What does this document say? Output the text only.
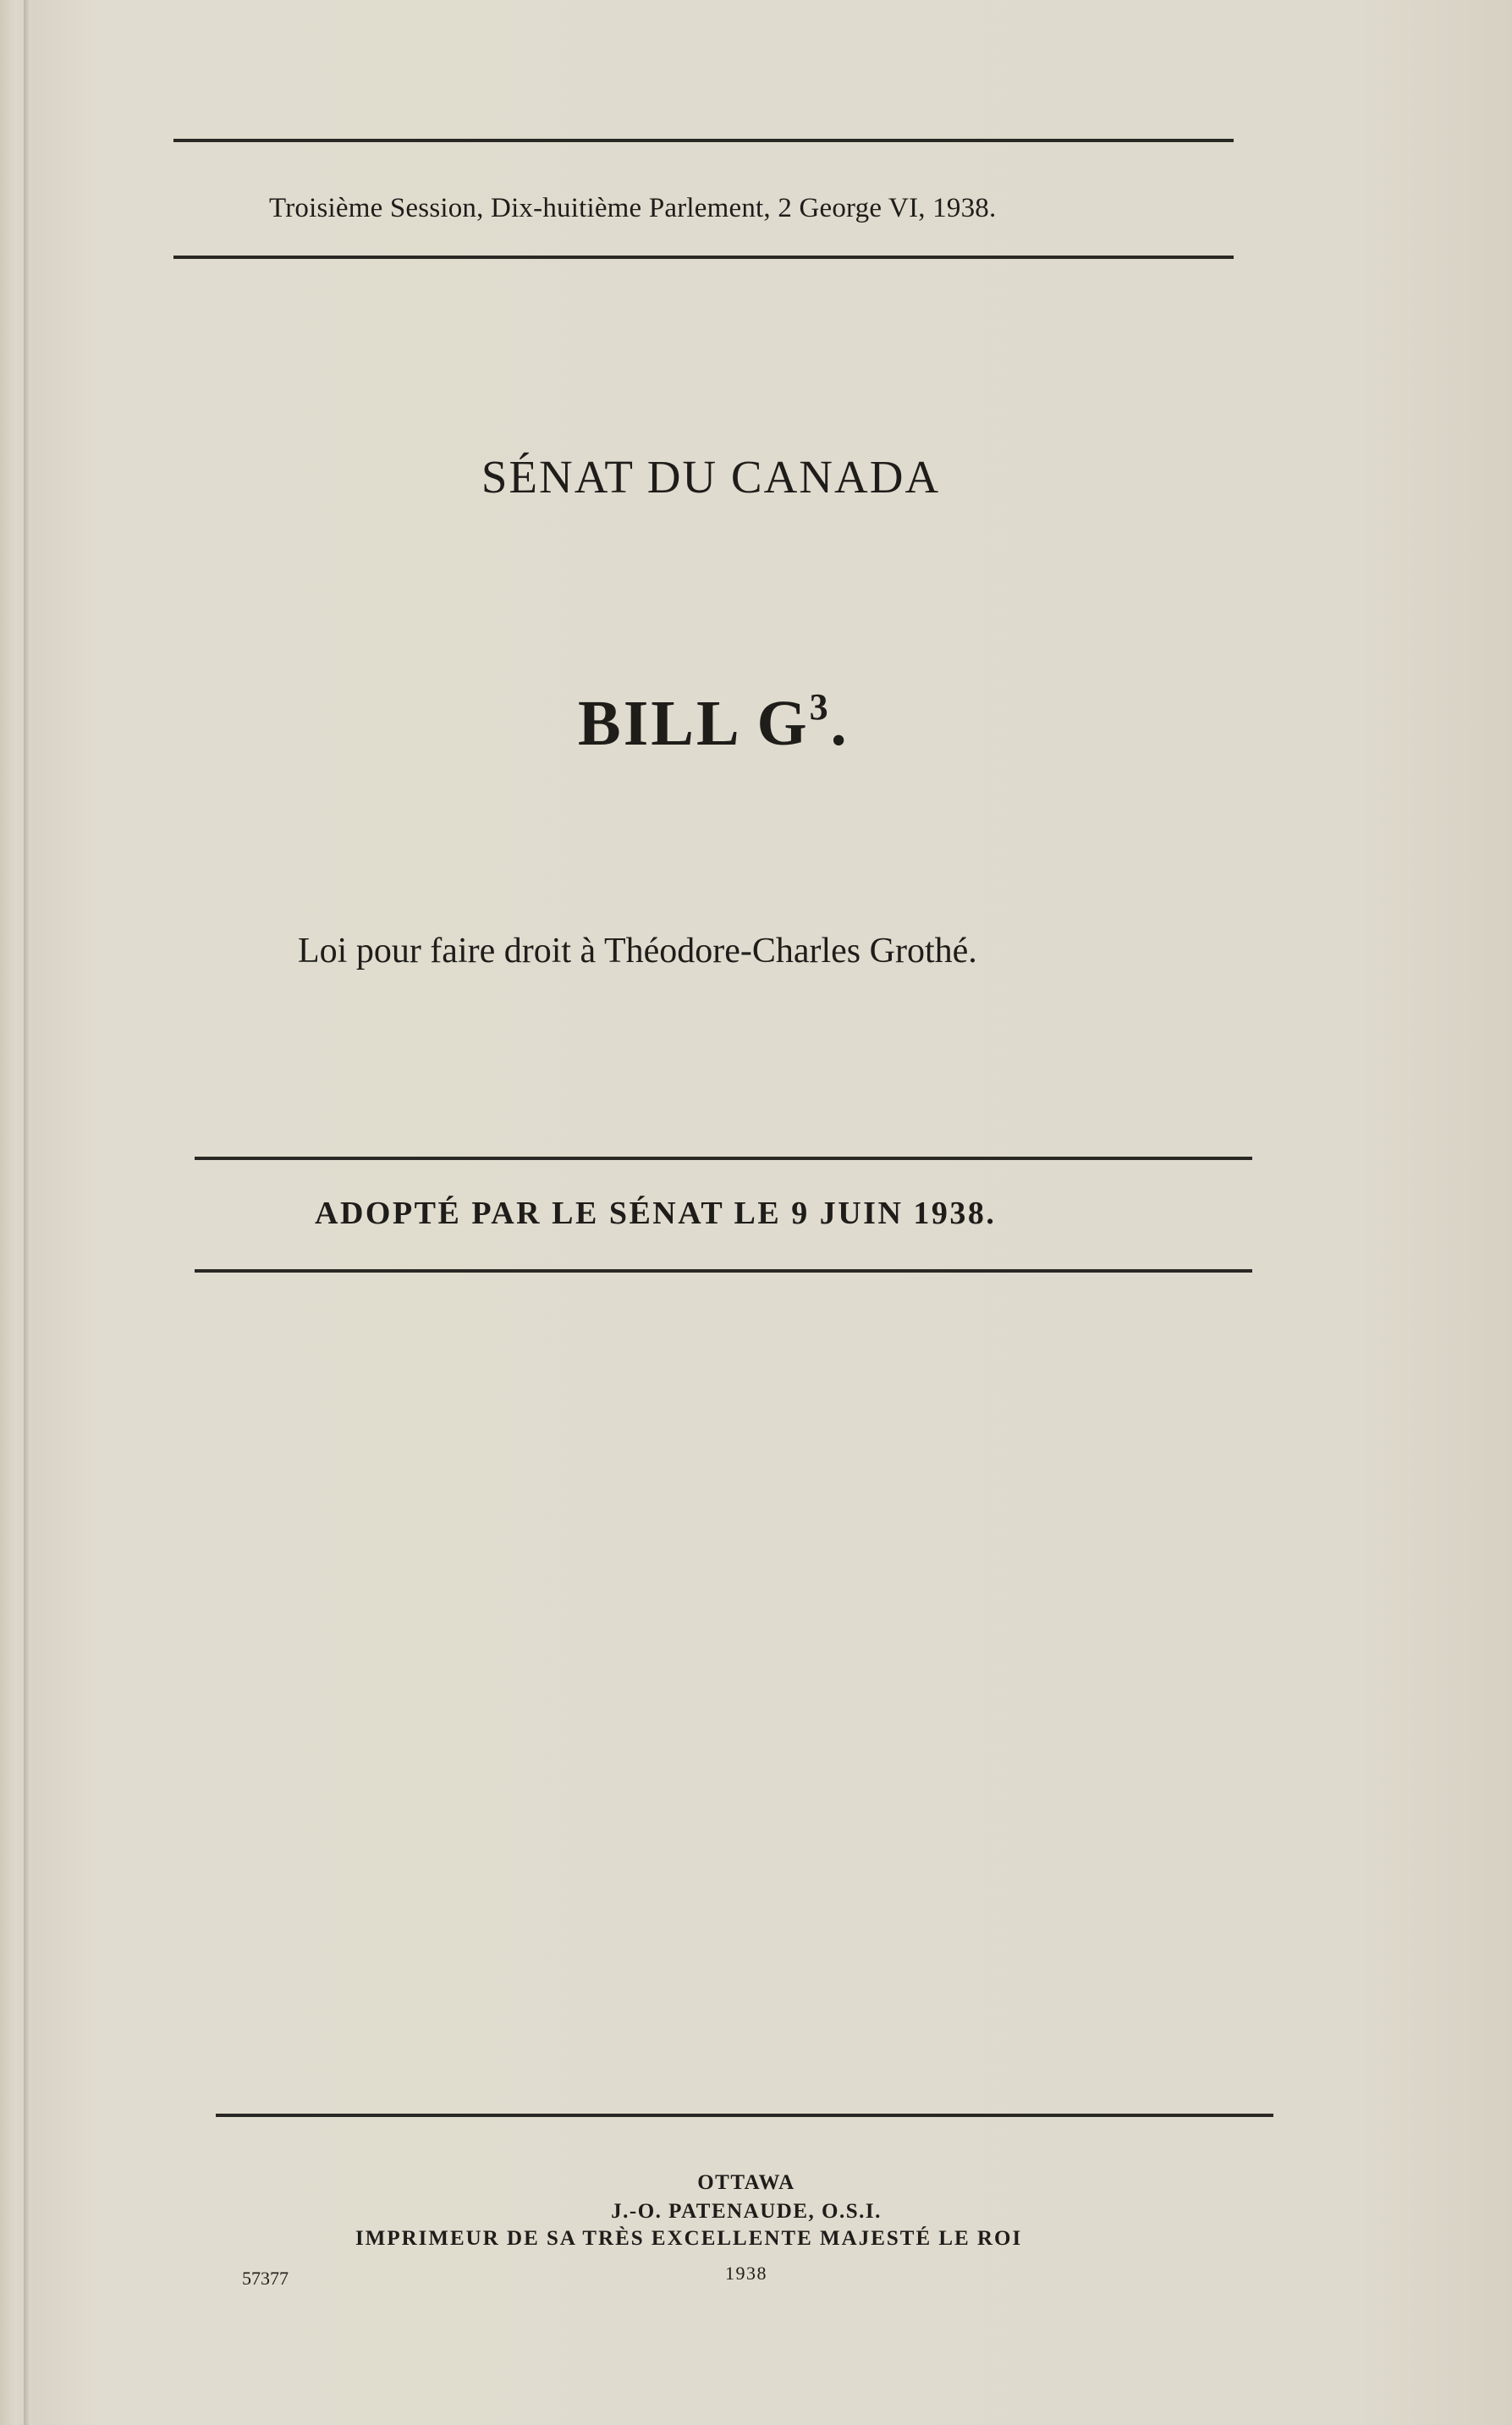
Troisième Session, Dix-huitième Parlement, 2 George VI, 1938.
SÉNAT DU CANADA
BILL $G^3$.
Loi pour faire droit à Théodore-Charles Grothé.
ADOPTÉ PAR LE SÉNAT LE 9 JUIN 1938.
OTTAWA
J.-O. PATENAUDE, O.S.I.
IMPRIMEUR DE SA TRÈS EXCELLENTE MAJESTÉ LE ROI
1938
57377
